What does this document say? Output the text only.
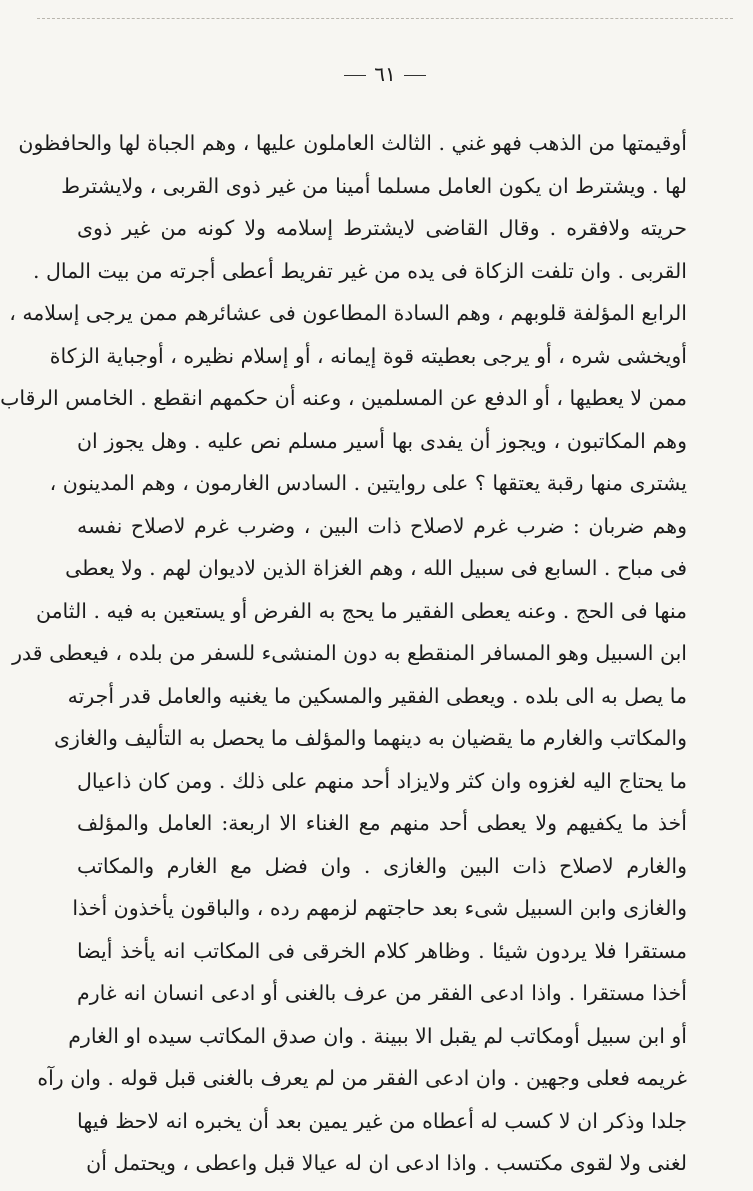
٦١
أوقيمتها من الذهب فهو غني . الثالث العاملون عليها ، وهم الجباة لها والحافظون
لها . ويشترط ان يكون العامل مسلما أمينا من غير ذوى القربى ، ولايشترط
حريته ولافقره . وقال القاضى لايشترط إسلامه ولا كونه من غير ذوى
القربى . وان تلفت الزكاة فى يده من غير تفريط أعطى أجرته من بيت المال .
الرابع المؤلفة قلوبهم ، وهم السادة المطاعون فى عشائرهم ممن يرجى إسلامه ،
أويخشى شره ، أو يرجى بعطيته قوة إيمانه ، أو إسلام نظيره ، أوجباية الزكاة
ممن لا يعطيها ، أو الدفع عن المسلمين ، وعنه أن حكمهم انقطع . الخامس الرقاب
وهم المكاتبون ، ويجوز أن يفدى بها أسير مسلم نص عليه . وهل يجوز ان
يشترى منها رقبة يعتقها ؟ على روايتين . السادس الغارمون ، وهم المدينون ،
وهم ضربان : ضرب غرم لاصلاح ذات البين ، وضرب غرم لاصلاح نفسه
فى مباح . السابع فى سبيل الله ، وهم الغزاة الذين لاديوان لهم . ولا يعطى
منها فى الحج . وعنه يعطى الفقير ما يحج به الفرض أو يستعين به فيه . الثامن
ابن السبيل وهو المسافر المنقطع به دون المنشىء للسفر من بلده ، فيعطى قدر
ما يصل به الى بلده . ويعطى الفقير والمسكين ما يغنيه والعامل قدر أجرته
والمكاتب والغارم ما يقضيان به دينهما والمؤلف ما يحصل به التأليف والغازى
ما يحتاج اليه لغزوه وان كثر ولايزاد أحد منهم على ذلك . ومن كان ذاعيال
أخذ ما يكفيهم ولا يعطى أحد منهم مع الغناء الا اربعة: العامل والمؤلف
والغارم لاصلاح ذات البين والغازى . وان فضل مع الغارم والمكاتب
والغازى وابن السبيل شىء بعد حاجتهم لزمهم رده ، والباقون يأخذون أخذا
مستقرا فلا يردون شيئا . وظاهر كلام الخرقى فى المكاتب انه يأخذ أيضا
أخذا مستقرا . واذا ادعى الفقر من عرف بالغنى أو ادعى انسان انه غارم
أو ابن سبيل أومكاتب لم يقبل الا ببينة . وان صدق المكاتب سيده او الغارم
غريمه فعلى وجهين . وان ادعى الفقر من لم يعرف بالغنى قبل قوله . وان رآه
جلدا وذكر ان لا كسب له أعطاه من غير يمين بعد أن يخبره انه لاحظ فيها
لغنى ولا لقوى مكتسب . واذا ادعى ان له عيالا قبل واعطى ، ويحتمل أن
